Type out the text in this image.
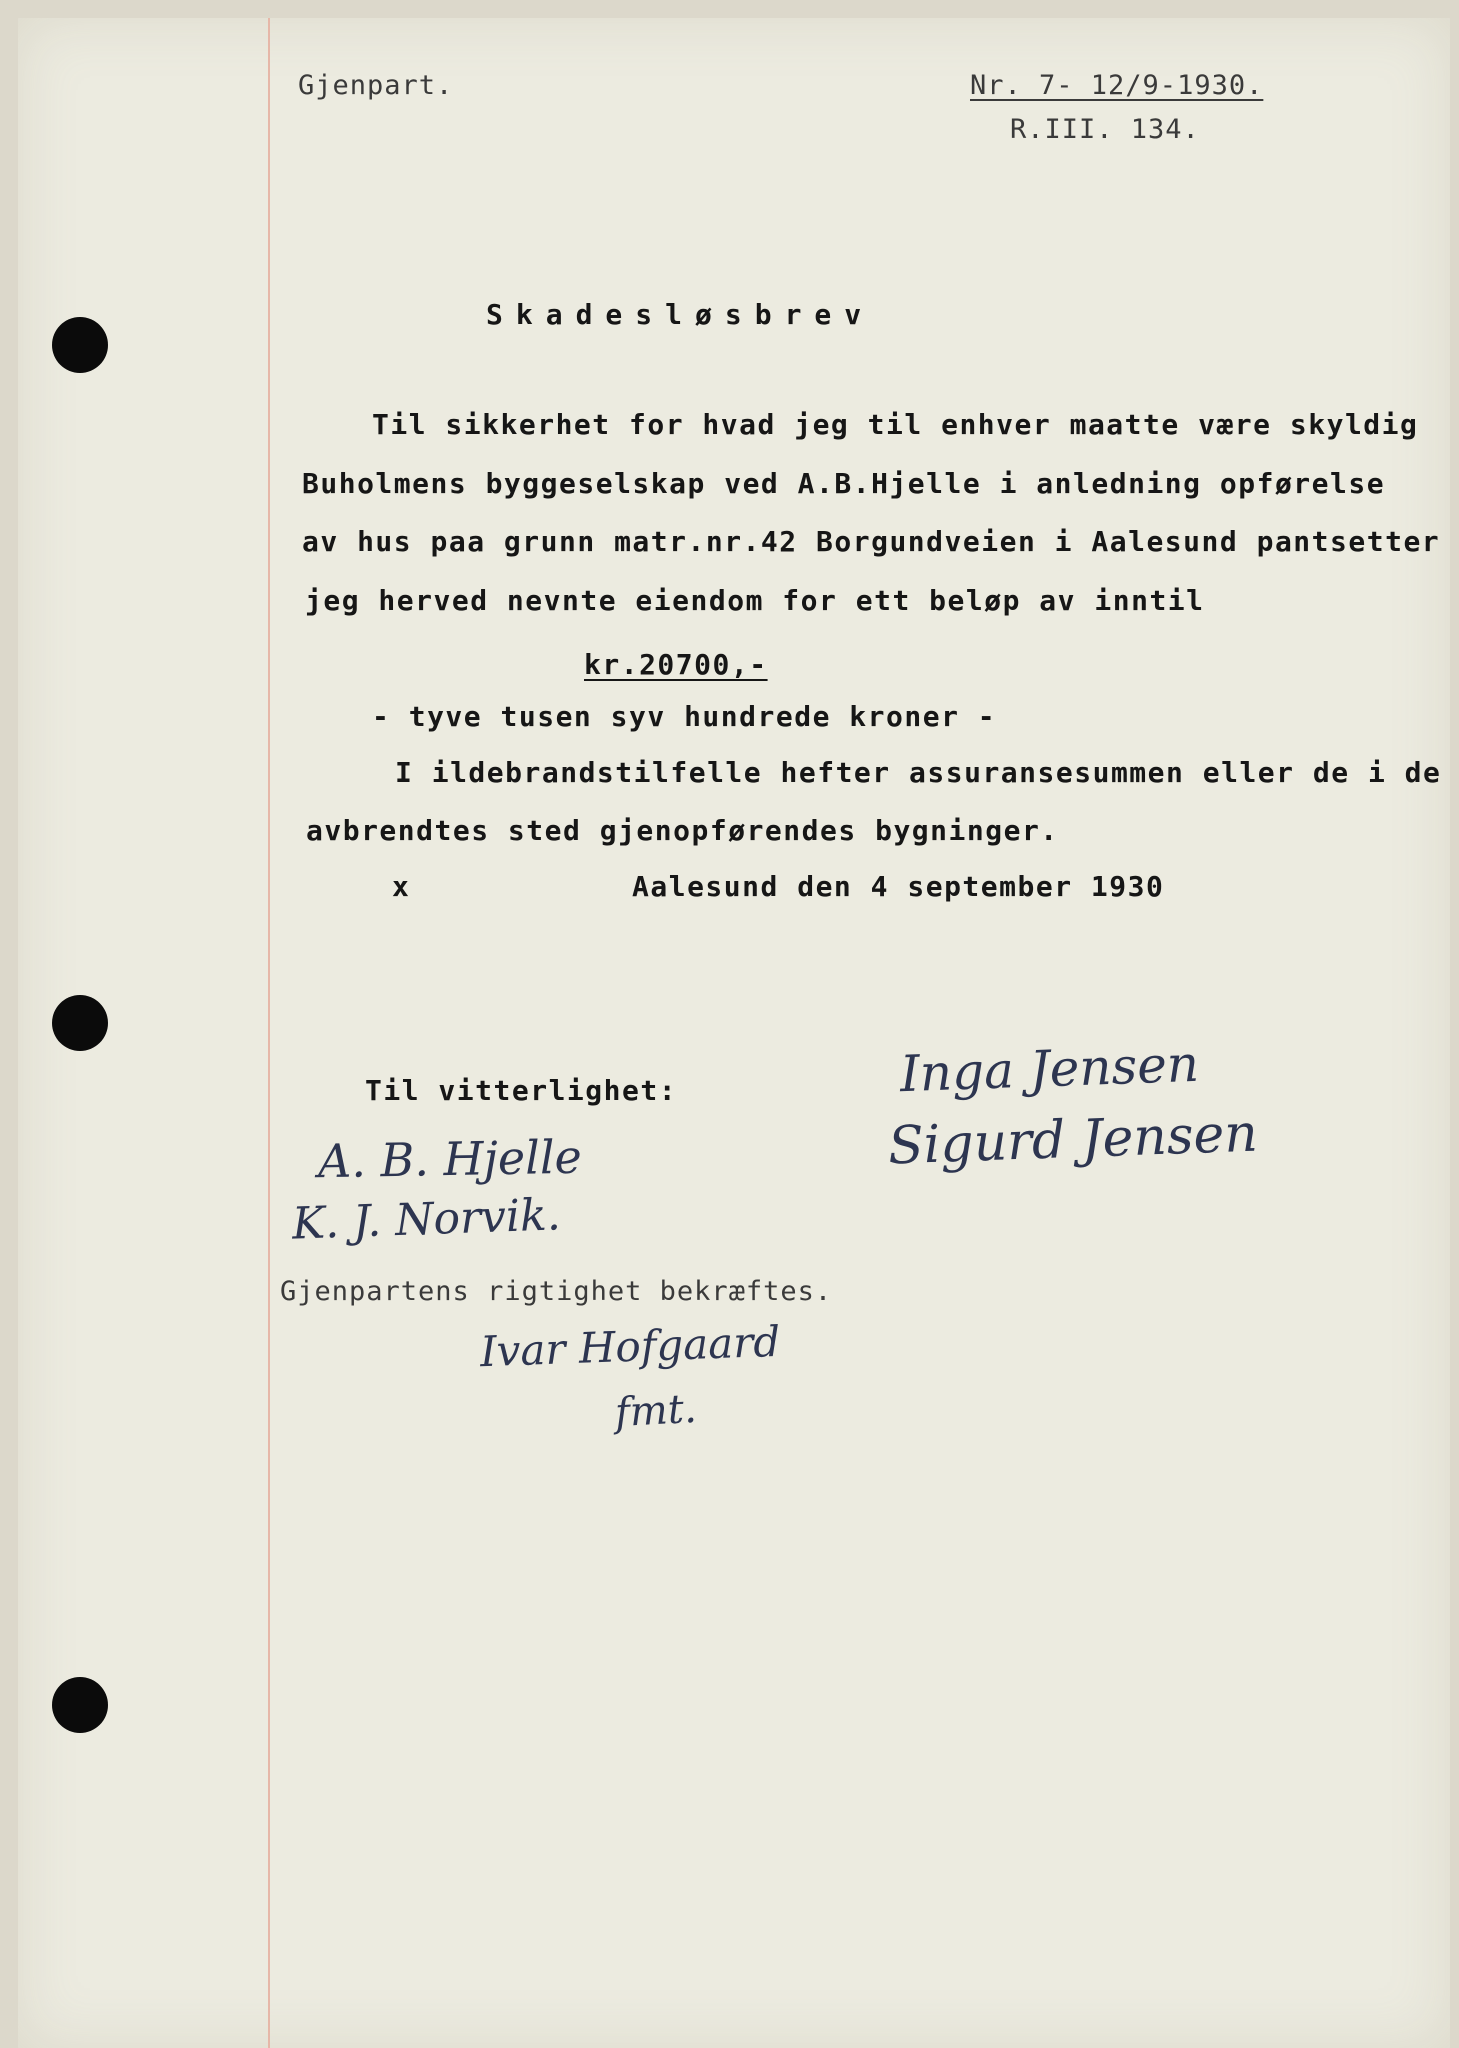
Gjenpart.	Nr. 7- 12/9-1930.
R.III. 134.
Skadesløsbrev
Til sikkerhet for hvad jeg til enhver maatte være skyldig
Buholmens byggeselskap ved A.B.Hjelle i anledning opførelse
av hus paa grunn matr.nr.42 Borgundveien i Aalesund pantsetter
jeg herved nevnte eiendom for ett beløp av inntil
kr.20700,-
- tyve tusen syv hundrede kroner -
I ildebrandstilfelle hefter assuransesummen eller de i de
avbrendtes sted gjenopførendes bygninger.
x	Aalesund den 4 september 1930
Inga Jensen
Sigurd Jensen
Til vitterlighet:
A. B. Hjelle
K. J. Norvik.
Gjenpartens rigtighet bekræftes.
Ivar Hofgaard
fmt.
